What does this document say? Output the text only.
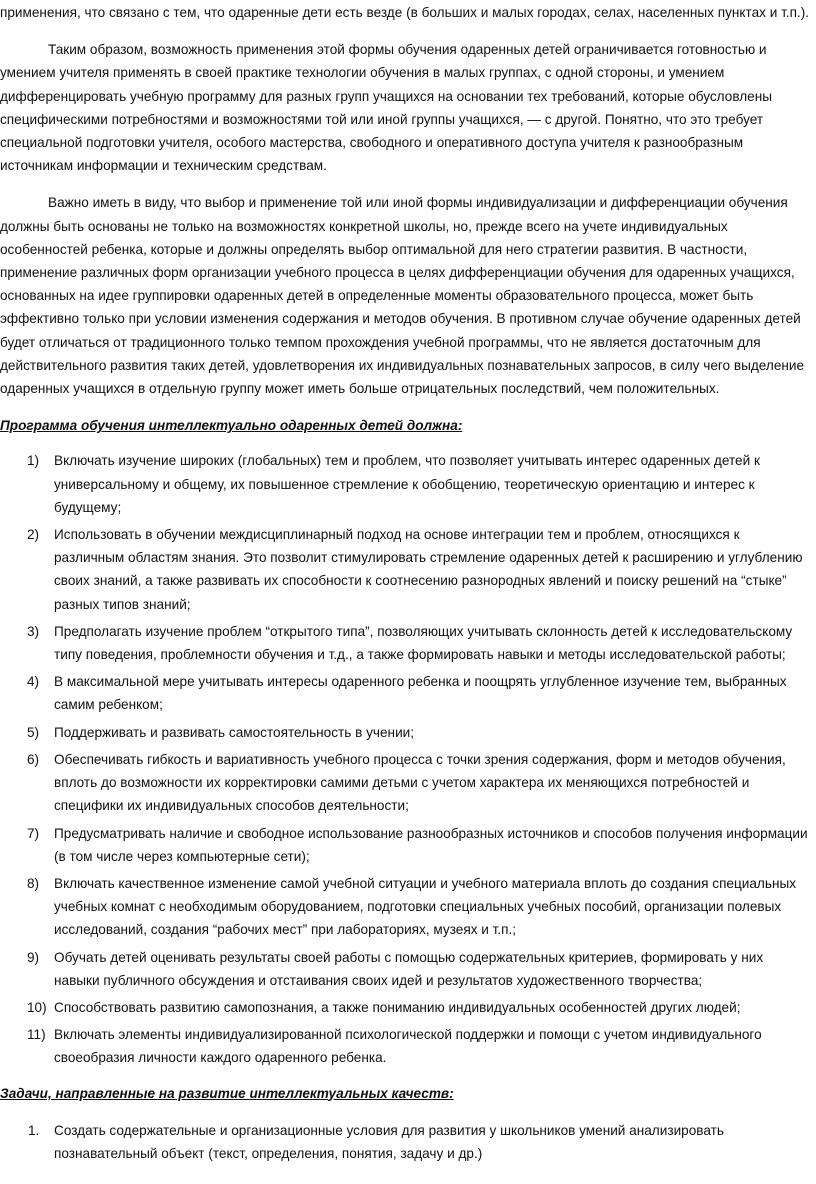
применения, что связано с тем, что одаренные дети есть везде (в больших и малых городах, селах, населенных пунктах и т.п.).

Таким образом, возможность применения этой формы обучения одаренных детей ограничивается готовностью и умением учителя применять в своей практике технологии обучения в малых группах, с одной стороны, и умением дифференцировать учебную программу для разных групп учащихся на основании тех требований, которые обусловлены специфическими потребностями и возможностями той или иной группы учащихся, — с другой. Понятно, что это требует специальной подготовки учителя, особого мастерства, свободного и оперативного доступа учителя к разнообразным источникам информации и техническим средствам.

Важно иметь в виду, что выбор и применение той или иной формы индивидуализации и дифференциации обучения должны быть основаны не только на возможностях конкретной школы, но, прежде всего на учете индивидуальных особенностей ребенка, которые и должны определять выбор оптимальной для него стратегии развития. В частности, применение различных форм организации учебного процесса в целях дифференциации обучения для одаренных учащихся, основанных на идее группировки одаренных детей в определенные моменты образовательного процесса, может быть эффективно только при условии изменения содержания и методов обучения. В противном случае обучение одаренных детей будет отличаться от традиционного только темпом прохождения учебной программы, что не является достаточным для действительного развития таких детей, удовлетворения их индивидуальных познавательных запросов, в силу чего выделение одаренных учащихся в отдельную группу может иметь больше отрицательных последствий, чем положительных.

Программа обучения интеллектуально одаренных детей должна:

1) Включать изучение широких (глобальных) тем и проблем, что позволяет учитывать интерес одаренных детей к универсальному и общему, их повышенное стремление к обобщению, теоретическую ориентацию и интерес к будущему;
2) Использовать в обучении междисциплинарный подход на основе интеграции тем и проблем, относящихся к различным областям знания. Это позволит стимулировать стремление одаренных детей к расширению и углублению своих знаний, а также развивать их способности к соотнесению разнородных явлений и поиску решений на “стыке” разных типов знаний;
3) Предполагать изучение проблем “открытого типа”, позволяющих учитывать склонность детей к исследовательскому типу поведения, проблемности обучения и т.д., а также формировать навыки и методы исследовательской работы;
4) В максимальной мере учитывать интересы одаренного ребенка и поощрять углубленное изучение тем, выбранных самим ребенком;
5) Поддерживать и развивать самостоятельность в учении;
6) Обеспечивать гибкость и вариативность учебного процесса с точки зрения содержания, форм и методов обучения, вплоть до возможности их корректировки самими детьми с учетом характера их меняющихся потребностей и специфики их индивидуальных способов деятельности;
7) Предусматривать наличие и свободное использование разнообразных источников и способов получения информации (в том числе через компьютерные сети);
8) Включать качественное изменение самой учебной ситуации и учебного материала вплоть до создания специальных учебных комнат с необходимым оборудованием, подготовки специальных учебных пособий, организации полевых исследований, создания “рабочих мест” при лабораториях, музеях и т.п.;
9) Обучать детей оценивать результаты своей работы с помощью содержательных критериев, формировать у них навыки публичного обсуждения и отстаивания своих идей и результатов художественного творчества;
10) Способствовать развитию самопознания, а также пониманию индивидуальных особенностей других людей;
11) Включать элементы индивидуализированной психологической поддержки и помощи с учетом индивидуального своеобразия личности каждого одаренного ребенка.

Задачи, направленные на развитие интеллектуальных качеств:

1. Создать содержательные и организационные условия для развития у школьников умений анализировать познавательный объект (текст, определения, понятия, задачу и др.)
